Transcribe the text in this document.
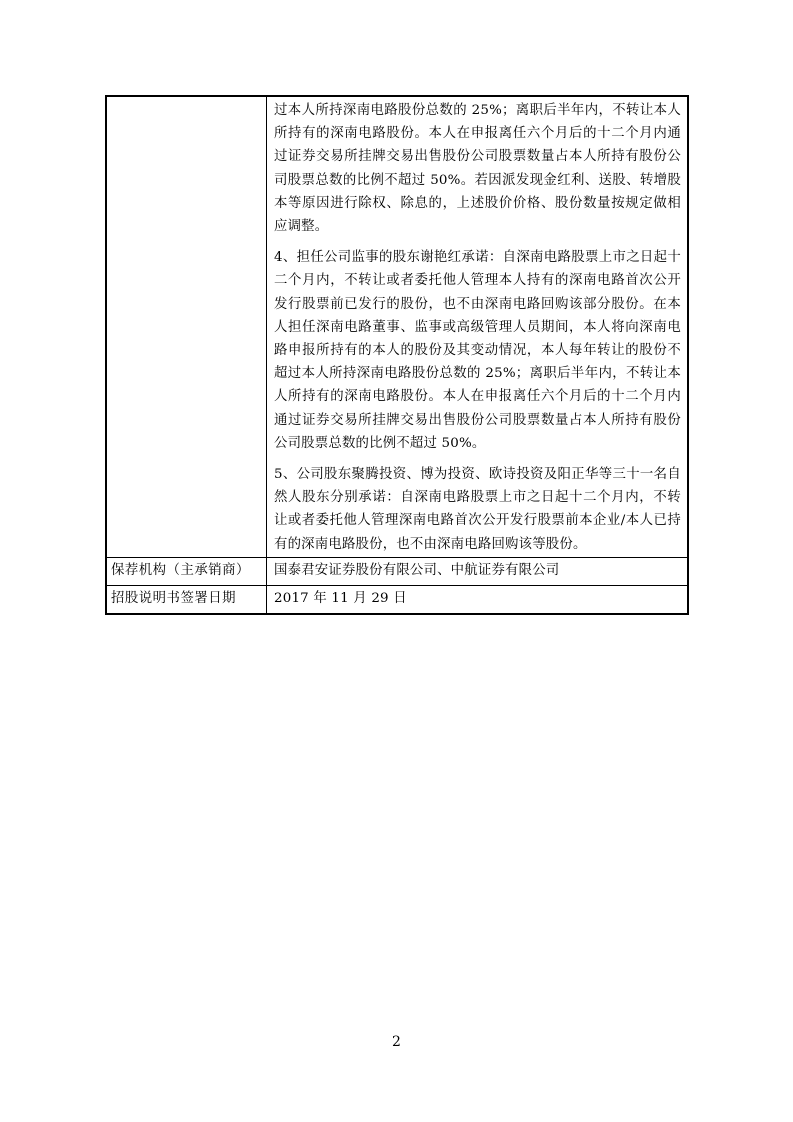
	过本人所持深南电路股份总数的 25%；离职后半年内，不转让本人所持有的深南电路股份。本人在申报离任六个月后的十二个月内通过证券交易所挂牌交易出售股份公司股票数量占本人所持有股份公司股票总数的比例不超过 50%。若因派发现金红利、送股、转增股本等原因进行除权、除息的，上述股价价格、股份数量按规定做相应调整。

4、担任公司监事的股东谢艳红承诺：自深南电路股票上市之日起十二个月内，不转让或者委托他人管理本人持有的深南电路首次公开发行股票前已发行的股份，也不由深南电路回购该部分股份。在本人担任深南电路董事、监事或高级管理人员期间，本人将向深南电路申报所持有的本人的股份及其变动情况，本人每年转让的股份不超过本人所持深南电路股份总数的 25%；离职后半年内，不转让本人所持有的深南电路股份。本人在申报离任六个月后的十二个月内通过证券交易所挂牌交易出售股份公司股票数量占本人所持有股份公司股票总数的比例不超过 50%。

5、公司股东聚腾投资、博为投资、欧诗投资及阳正华等三十一名自然人股东分别承诺：自深南电路股票上市之日起十二个月内，不转让或者委托他人管理深南电路首次公开发行股票前本企业/本人已持有的深南电路股份，也不由深南电路回购该等股份。

保荐机构（主承销商）	国泰君安证券股份有限公司、中航证券有限公司
招股说明书签署日期	2017 年 11 月 29 日
2
